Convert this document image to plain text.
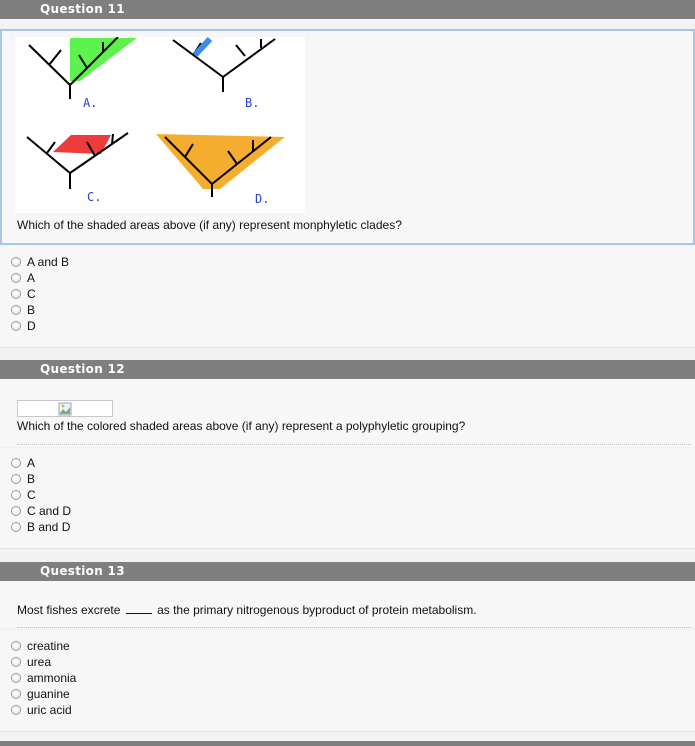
Question 11
A.	B.
C.	D.
Which of the shaded areas above (if any) represent monphyletic clades?
A and B
A
C
B
D
Question 12
Which of the colored shaded areas above (if any) represent a polyphyletic grouping?
A
B
C
C and D
B and D
Question 13
Most fishes excrete	as the primary nitrogenous byproduct of protein metabolism.
creatine
urea
ammonia
guanine
uric acid
